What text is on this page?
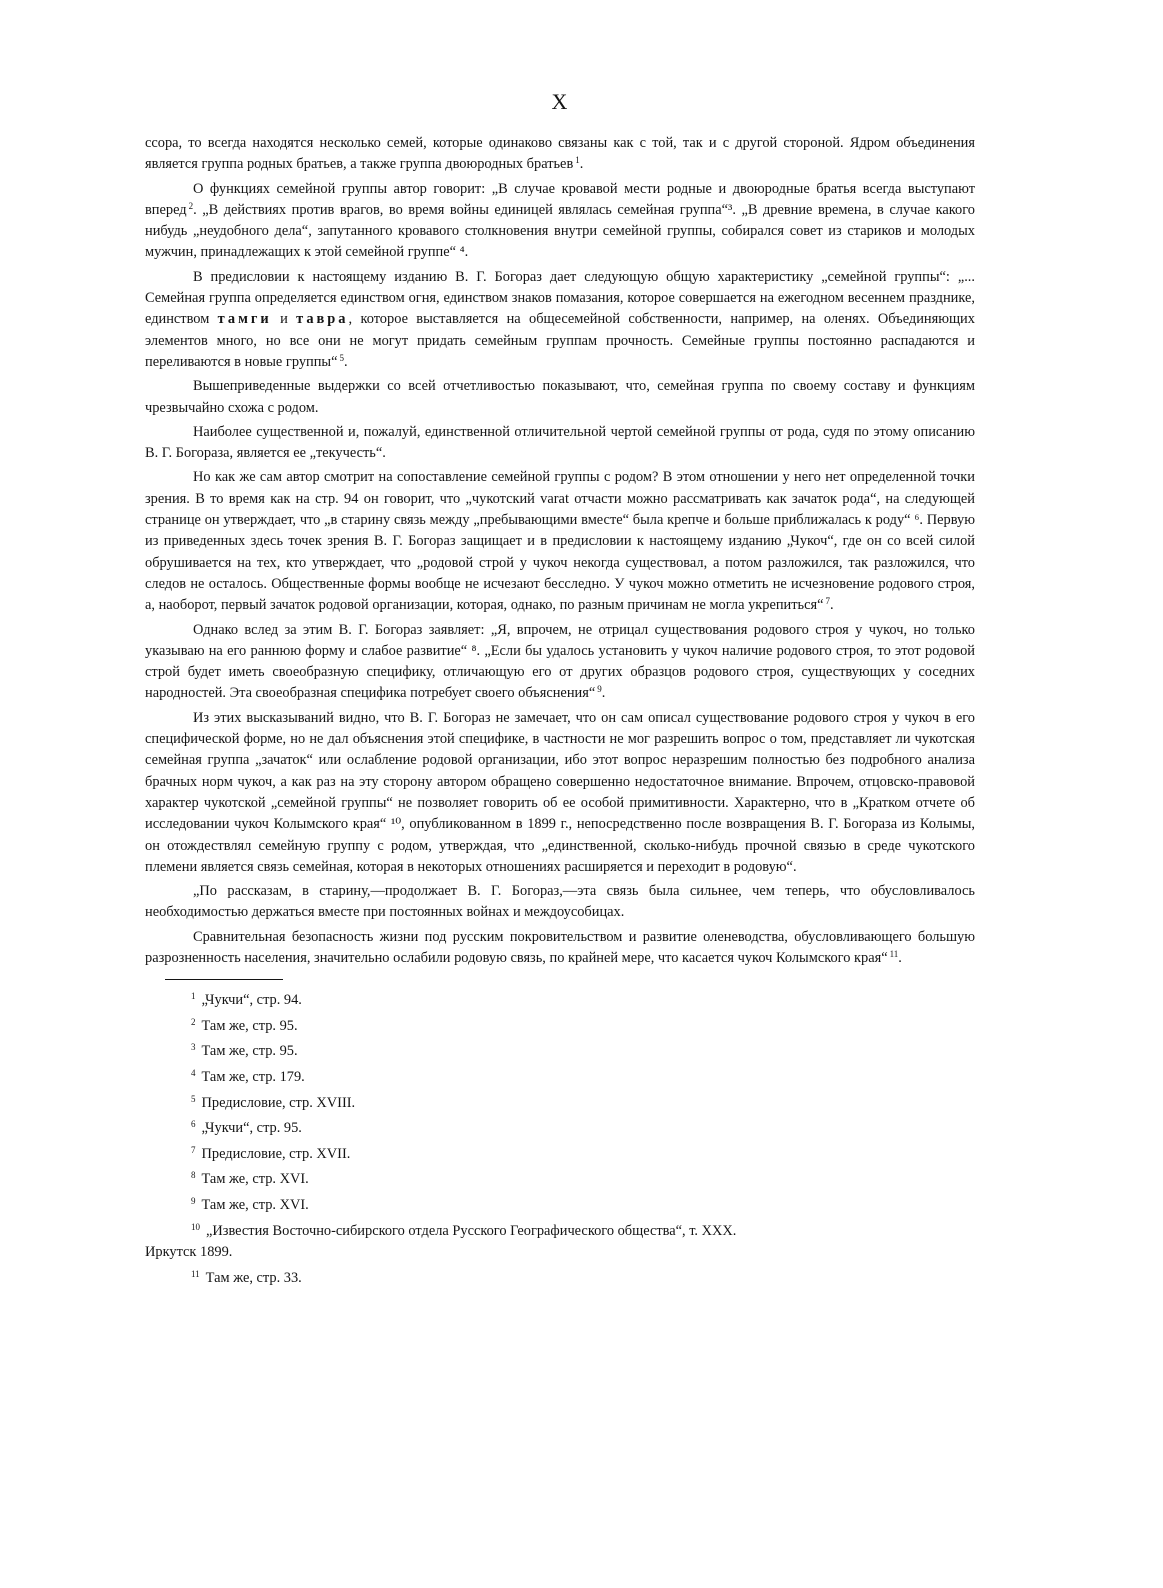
X

ссора, то всегда находятся несколько семей, которые одинаково связаны как с той, так и с другой стороной. Ядром объединения является группа родных братьев, а также группа двоюродных братьев $^1$.

О функциях семейной группы автор говорит: „В случае кровавой мести родные и двоюродные братья всегда выступают вперед $^2$. „В действиях против врагов, во время войны единицей являлась семейная группа“³. „В древние времена, в случае какого нибудь „неудобного дела“, запутанного кровавого столкновения внутри семейной группы, собирался совет из стариков и молодых мужчин, принадлежащих к этой семейной группе“ ⁴.

В предисловии к настоящему изданию В. Г. Богораз дает следующую общую характеристику „семейной группы“: „... Семейная группа определяется единством огня, единством знаков помазания, которое совершается на ежегодном весеннем празднике, единством тамги и тавра, которое выставляется на общесемейной собственности, например, на оленях. Объединяющих элементов много, но все они не могут придать семейным группам прочность. Семейные группы постоянно распадаются и переливаются в новые группы“ $^5$.

Вышеприведенные выдержки со всей отчетливостью показывают, что, семейная группа по своему составу и функциям чрезвычайно схожа с родом.

Наиболее существенной и, пожалуй, единственной отличительной чертой семейной группы от рода, судя по этому описанию В. Г. Богораза, является ее „текучесть“.

Но как же сам автор смотрит на сопоставление семейной группы с родом? В этом отношении у него нет определенной точки зрения. В то время как на стр. 94 он говорит, что „чукотский varat отчасти можно рассматривать как зачаток рода“, на следующей странице он утверждает, что „в старину связь между „пребывающими вместе“ была крепче и больше приближалась к роду“ ⁶. Первую из приведенных здесь точек зрения В. Г. Богораз защищает и в предисловии к настоящему изданию „Чукоч“, где он со всей силой обрушивается на тех, кто утверждает, что „родовой строй у чукоч некогда существовал, а потом разложился, так разложился, что следов не осталось. Общественные формы вообще не исчезают бесследно. У чукоч можно отметить не исчезновение родового строя, а, наоборот, первый зачаток родовой организации, которая, однако, по разным причинам не могла укрепиться“ $^7$.

Однако вслед за этим В. Г. Богораз заявляет: „Я, впрочем, не отрицал существования родового строя у чукоч, но только указываю на его раннюю форму и слабое развитие“ ⁸. „Если бы удалось установить у чукоч наличие родового строя, то этот родовой строй будет иметь своеобразную специфику, отличающую его от других образцов родового строя, существующих у соседних народностей. Эта своеобразная специфика потребует своего объяснения“ $^9$.

Из этих высказываний видно, что В. Г. Богораз не замечает, что он сам описал существование родового строя у чукоч в его специфической форме, но не дал объяснения этой специфике, в частности не мог разрешить вопрос о том, представляет ли чукотская семейная группа „зачаток“ или ослабление родовой организации, ибо этот вопрос неразрешим полностью без подробного анализа брачных норм чукоч, а как раз на эту сторону автором обращено совершенно недостаточное внимание. Впрочем, отцовско-правовой характер чукотской „семейной группы“ не позволяет говорить об ее особой примитивности. Характерно, что в „Кратком отчете об исследовании чукоч Колымского края“ ¹⁰, опубликованном в 1899 г., непосредственно после возвращения В. Г. Богораза из Колымы, он отождествлял семейную группу с родом, утверждая, что „единственной, сколько-нибудь прочной связью в среде чукотского племени является связь семейная, которая в некоторых отношениях расширяется и переходит в родовую“.

„По рассказам, в старину,—продолжает В. Г. Богораз,—эта связь была сильнее, чем теперь, что обусловливалось необходимостью держаться вместе при постоянных войнах и междоусобицах.

Сравнительная безопасность жизни под русским покровительством и развитие оленеводства, обусловливающего большую разрозненность населения, значительно ослабили родовую связь, по крайней мере, что касается чукоч Колымского края“ $^{11}$.

$^1$ „Чукчи“, стр. 94.

$^2$ Там же, стр. 95.

$^3$ Там же, стр. 95.

$^4$ Там же, стр. 179.

$^5$ Предисловие, стр. XVIII.

$^6$ „Чукчи“, стр. 95.

$^7$ Предисловие, стр. XVII.

$^8$ Там же, стр. XVI.

$^9$ Там же, стр. XVI.

$^{10}$ „Известия Восточно-сибирского отдела Русского Географического общества“, т. XXX.
Иркутск 1899.

$^{11}$ Там же, стр. 33.
